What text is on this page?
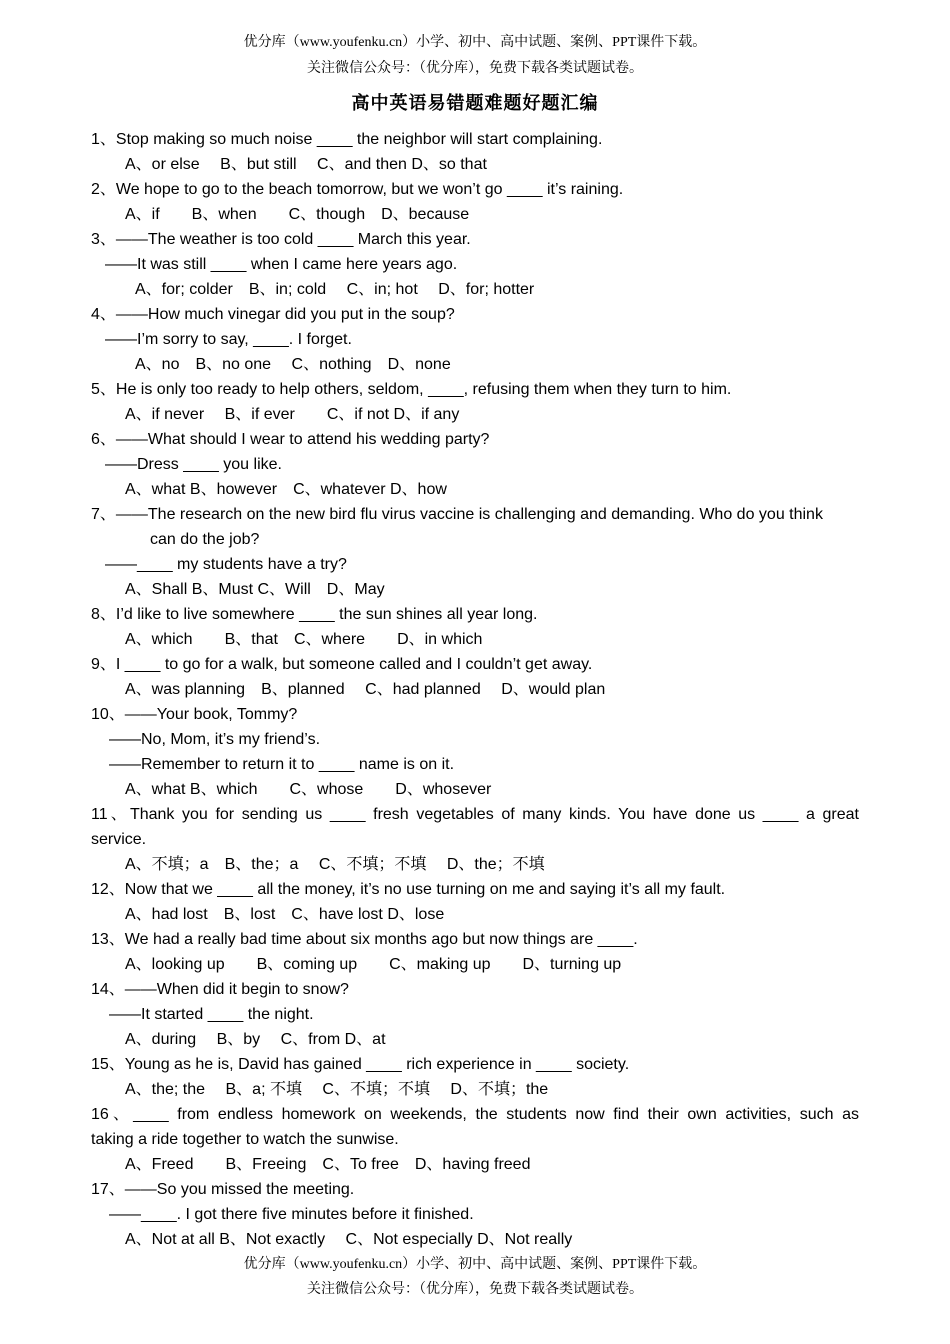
优分库（www.youfenku.cn）小学、初中、高中试题、案例、PPT课件下载。
关注微信公众号：（优分库），免费下载各类试题试卷。
高中英语易错题难题好题汇编
1、Stop making so much noise ____ the neighbor will start complaining.
A、or else　 B、but still　 C、and then D、so that
2、We hope to go to the beach tomorrow, but we won’t go ____ it’s raining.
A、if　　B、when　　C、though　D、because
3、——The weather is too cold ____ March this year.
——It was still ____ when I came here years ago.
A、for; colder　B、in; cold　 C、in; hot　 D、for; hotter
4、——How much vinegar did you put in the soup?
——I’m sorry to say, ____. I forget.
A、no　B、no one　 C、nothing　D、none
5、He is only too ready to help others, seldom, ____, refusing them when they turn to him.
A、if never　 B、if ever　　C、if not D、if any
6、——What should I wear to attend his wedding party?
——Dress ____ you like.
A、what B、however　C、whatever D、how
7、——The research on the new bird flu virus vaccine is challenging and demanding. Who do you think
can do the job?
——____ my students have a try?
A、Shall B、Must C、Will　D、May
8、I’d like to live somewhere ____ the sun shines all year long.
A、which　　B、that　C、where　　D、in which
9、I ____ to go for a walk, but someone called and I couldn’t get away.
A、was planning　B、planned　 C、had planned　 D、would plan
10、——Your book, Tommy?
——No, Mom, it’s my friend’s.
——Remember to return it to ____ name is on it.
A、what B、which　　C、whose　　D、whosever
11、Thank you for sending us ____ fresh vegetables of many kinds. You have done us ____ a great
service.
A、不填；a　B、the；a　 C、不填；不填　 D、the；不填
12、Now that we ____ all the money, it’s no use turning on me and saying it’s all my fault.
A、had lost　B、lost　C、have lost D、lose
13、We had a really bad time about six months ago but now things are ____.
A、looking up　　B、coming up　　C、making up　　D、turning up
14、——When did it begin to snow?
——It started ____ the night.
A、during　 B、by　 C、from D、at
15、Young as he is, David has gained ____ rich experience in ____ society.
A、the; the　 B、a; 不填　 C、不填；不填　 D、不填；the
16、____ from endless homework on weekends, the students now find their own activities, such as
taking a ride together to watch the sunwise.
A、Freed　　B、Freeing　C、To free　D、having freed
17、——So you missed the meeting.
——____. I got there five minutes before it finished.
A、Not at all B、Not exactly　 C、Not especially D、Not really
优分库（www.youfenku.cn）小学、初中、高中试题、案例、PPT课件下载。
关注微信公众号：（优分库），免费下载各类试题试卷。
